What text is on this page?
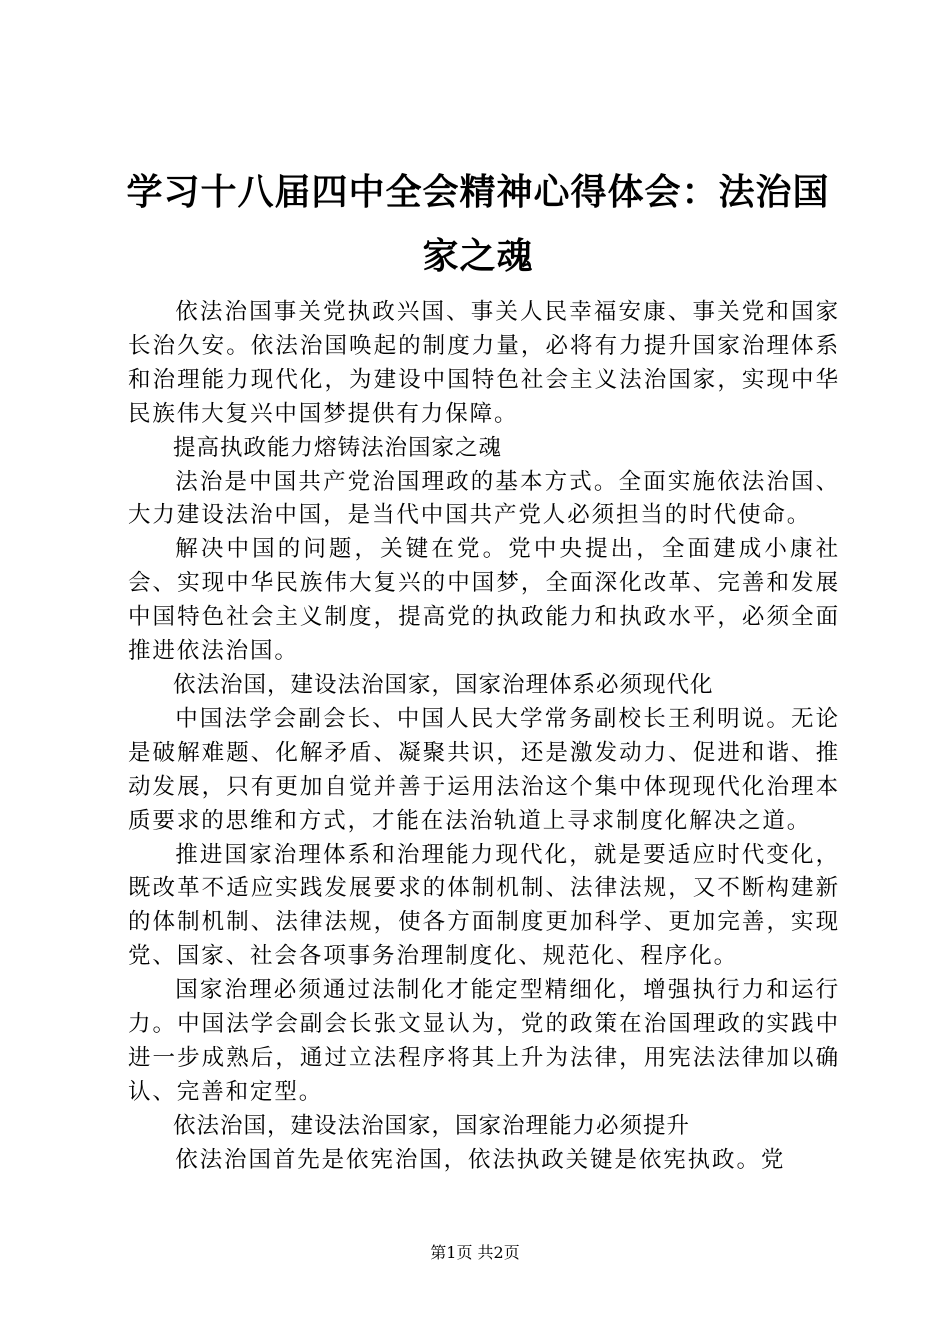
学习十八届四中全会精神心得体会：法治国家之魂

依法治国事关党执政兴国、事关人民幸福安康、事关党和国家长治久安。依法治国唤起的制度力量，必将有力提升国家治理体系和治理能力现代化，为建设中国特色社会主义法治国家，实现中华民族伟大复兴中国梦提供有力保障。

提高执政能力熔铸法治国家之魂

法治是中国共产党治国理政的基本方式。全面实施依法治国、大力建设法治中国，是当代中国共产党人必须担当的时代使命。

解决中国的问题，关键在党。党中央提出，全面建成小康社会、实现中华民族伟大复兴的中国梦，全面深化改革、完善和发展中国特色社会主义制度，提高党的执政能力和执政水平，必须全面推进依法治国。

依法治国，建设法治国家，国家治理体系必须现代化

中国法学会副会长、中国人民大学常务副校长王利明说。无论是破解难题、化解矛盾、凝聚共识，还是激发动力、促进和谐、推动发展，只有更加自觉并善于运用法治这个集中体现现代化治理本质要求的思维和方式，才能在法治轨道上寻求制度化解决之道。

推进国家治理体系和治理能力现代化，就是要适应时代变化，既改革不适应实践发展要求的体制机制、法律法规，又不断构建新的体制机制、法律法规，使各方面制度更加科学、更加完善，实现党、国家、社会各项事务治理制度化、规范化、程序化。

国家治理必须通过法制化才能定型精细化，增强执行力和运行力。中国法学会副会长张文显认为，党的政策在治国理政的实践中进一步成熟后，通过立法程序将其上升为法律，用宪法法律加以确认、完善和定型。

依法治国，建设法治国家，国家治理能力必须提升

依法治国首先是依宪治国，依法执政关键是依宪执政。党

第1页 共2页
